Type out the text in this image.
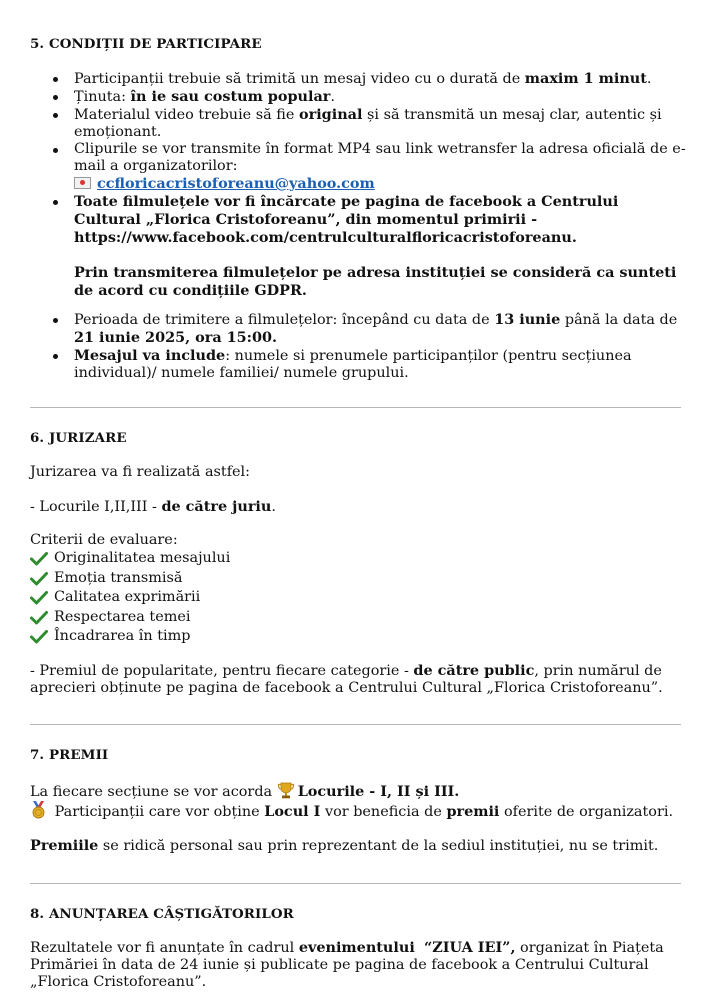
5. CONDIȚII DE PARTICIPARE
Participanții trebuie să trimită un mesaj video cu o durată de maxim 1 minut.
Ținuta: în ie sau costum popular.
Materialul video trebuie să fie original și să transmită un mesaj clar, autentic și emoționant.
Clipurile se vor transmite în format MP4 sau link wetransfer la adresa oficială de e-mail a organizatorilor:
ccfloricacristoforeanu@yahoo.com
Toate filmulețele vor fi încărcate pe pagina de facebook a Centrului Cultural „Florica Cristoforeanu”, din momentul primirii - https://www.facebook.com/centrulculturalfloricacristoforeanu.

Prin transmiterea filmulețelor pe adresa instituției se consideră ca sunteti de acord cu condițiile GDPR.
Perioada de trimitere a filmulețelor: începând cu data de 13 iunie până la data de 21 iunie 2025, ora 15:00.
Mesajul va include: numele si prenumele participanților (pentru secțiunea individual)/ numele familiei/ numele grupului.
6. JURIZARE

Jurizarea va fi realizată astfel:

- Locurile I,II,III - de către juriu.

Criterii de evaluare:

Originalitatea mesajului
Emoția transmisă
Calitatea exprimării
Respectarea temei
Încadrarea în timp

- Premiul de popularitate, pentru fiecare categorie - de către public, prin numărul de aprecieri obținute pe pagina de facebook a Centrului Cultural „Florica Cristoforeanu”.

7. PREMII

La fiecare secțiune se vor acorda Locurile - I, II și III.

Participanții care vor obține Locul I vor beneficia de premii oferite de organizatori.

Premiile se ridică personal sau prin reprezentant de la sediul instituției, nu se trimit.

8. ANUNȚAREA CÂȘTIGĂTORILOR

Rezultatele vor fi anunțate în cadrul evenimentului “ZIUA IEI”, organizat în Piațeta Primăriei în data de 24 iunie și publicate pe pagina de facebook a Centrului Cultural „Florica Cristoforeanu”.
